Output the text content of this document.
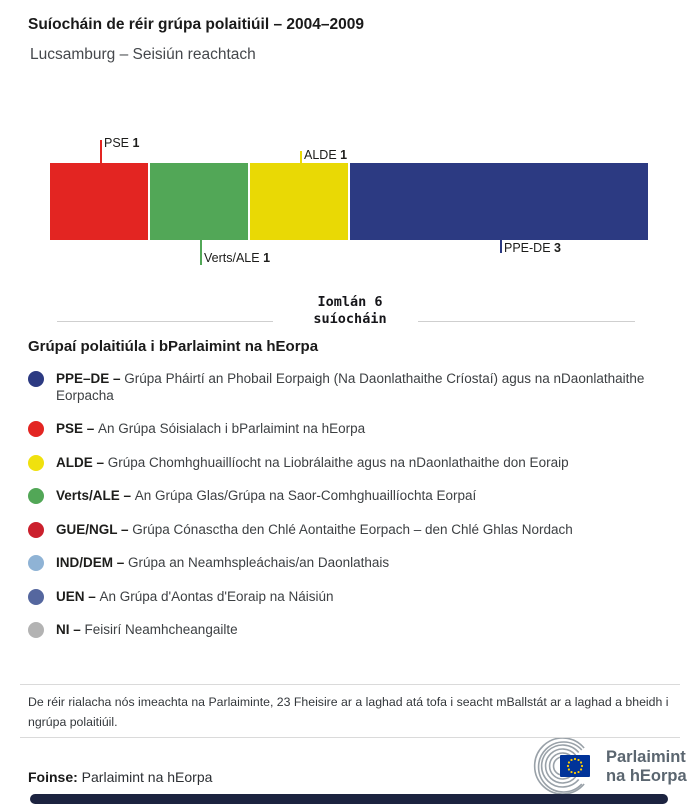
Suíocháin de réir grúpa polaitiúil – 2004–2009
Lucsamburg – Seisiún reachtach
PSE 1
Verts/ALE 1
ALDE 1
PPE-DE 3
Iomlán 6
suíocháin
Grúpaí polaitiúla i bParlaimint na hEorpa
PPE–DE – Grúpa Pháirtí an Phobail Eorpaigh (Na Daonlathaithe Críostaí) agus na nDaonlathaithe Eorpacha
PSE – An Grúpa Sóisialach i bParlaimint na hEorpa
ALDE – Grúpa Chomhghuaillíocht na Liobrálaithe agus na nDaonlathaithe don Eoraip
Verts/ALE – An Grúpa Glas/Grúpa na Saor-Comhghuaillíochta Eorpaí
GUE/NGL – Grúpa Cónasctha den Chlé Aontaithe Eorpach – den Chlé Ghlas Nordach
IND/DEM – Grúpa an Neamhspleáchais/an Daonlathais
UEN – An Grúpa d'Aontas d'Eoraip na Náisiún
NI – Feisirí Neamhcheangailte
De réir rialacha nós imeachta na Parlaiminte, 23 Fheisire ar a laghad atá tofa i seacht mBallstát ar a laghad a bheidh i ngrúpa polaitiúil.
Foinse: Parlaimint na hEorpa
Parlaimint
na hEorpa
